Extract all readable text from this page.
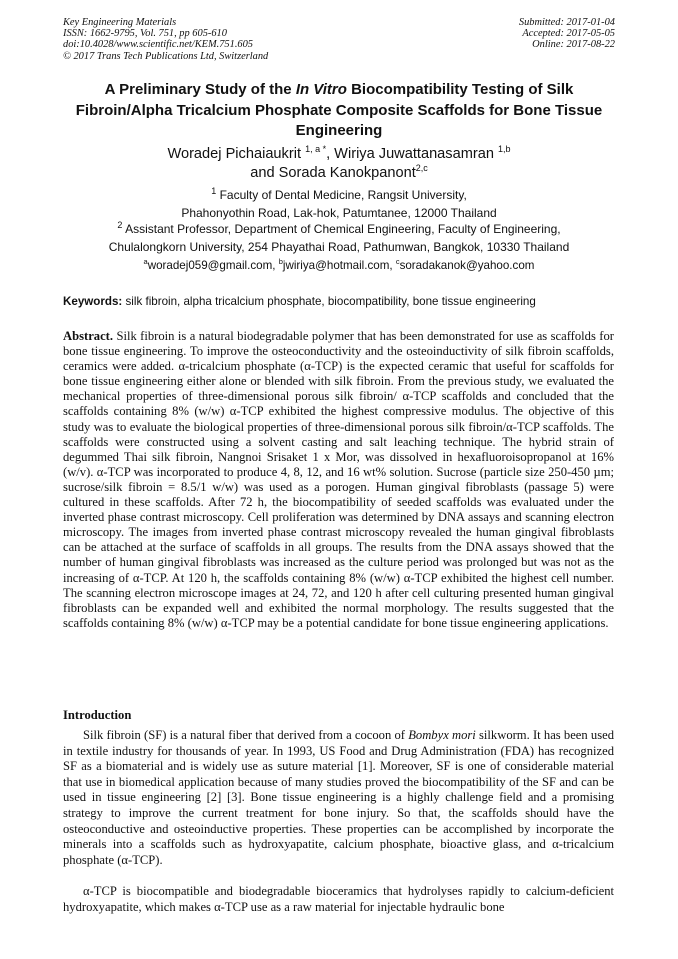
Key Engineering Materials
ISSN: 1662-9795, Vol. 751, pp 605-610
doi:10.4028/www.scientific.net/KEM.751.605
© 2017 Trans Tech Publications Ltd, Switzerland
Submitted: 2017-01-04
Accepted: 2017-05-05
Online: 2017-08-22
A Preliminary Study of the In Vitro Biocompatibility Testing of Silk Fibroin/Alpha Tricalcium Phosphate Composite Scaffolds for Bone Tissue Engineering
Woradej Pichaiaukrit $^{1, a *}$, Wiriya Juwattanasamran $^{1,b}$
and Sorada Kanokpanont$^{2,c}$
$^1$ Faculty of Dental Medicine, Rangsit University,
Phahonyothin Road, Lak-hok, Patumtanee, 12000 Thailand
$^2$ Assistant Professor, Department of Chemical Engineering, Faculty of Engineering,
Chulalongkorn University, 254 Phayathai Road, Pathumwan, Bangkok, 10330 Thailand
$^a$woradej059@gmail.com, $^b$jwiriya@hotmail.com, $^c$soradakanok@yahoo.com
Keywords: silk fibroin, alpha tricalcium phosphate, biocompatibility, bone tissue engineering
Abstract. Silk fibroin is a natural biodegradable polymer that has been demonstrated for use as scaffolds for bone tissue engineering. To improve the osteoconductivity and the osteoinductivity of silk fibroin scaffolds, ceramics were added. α-tricalcium phosphate (α-TCP) is the expected ceramic that useful for scaffolds for bone tissue engineering either alone or blended with silk fibroin. From the previous study, we evaluated the mechanical properties of three-dimensional porous silk fibroin/ α-TCP scaffolds and concluded that the scaffolds containing 8% (w/w) α-TCP exhibited the highest compressive modulus. The objective of this study was to evaluate the biological properties of three-dimensional porous silk fibroin/α-TCP scaffolds. The scaffolds were constructed using a solvent casting and salt leaching technique. The hybrid strain of degummed Thai silk fibroin, Nangnoi Srisaket 1 x Mor, was dissolved in hexafluoroisopropanol at 16% (w/v). α-TCP was incorporated to produce 4, 8, 12, and 16 wt% solution. Sucrose (particle size 250-450 µm; sucrose/silk fibroin = 8.5/1 w/w) was used as a porogen. Human gingival fibroblasts (passage 5) were cultured in these scaffolds. After 72 h, the biocompatibility of seeded scaffolds was evaluated under the inverted phase contrast microscopy. Cell proliferation was determined by DNA assays and scanning electron microscopy. The images from inverted phase contrast microscopy revealed the human gingival fibroblasts can be attached at the surface of scaffolds in all groups. The results from the DNA assays showed that the number of human gingival fibroblasts was increased as the culture period was prolonged but was not as the increasing of α-TCP. At 120 h, the scaffolds containing 8% (w/w) α-TCP exhibited the highest cell number. The scanning electron microscope images at 24, 72, and 120 h after cell culturing presented human gingival fibroblasts can be expanded well and exhibited the normal morphology. The results suggested that the scaffolds containing 8% (w/w) α-TCP may be a potential candidate for bone tissue engineering applications.
Introduction
Silk fibroin (SF) is a natural fiber that derived from a cocoon of Bombyx mori silkworm. It has been used in textile industry for thousands of year. In 1993, US Food and Drug Administration (FDA) has recognized SF as a biomaterial and is widely use as suture material [1]. Moreover, SF is one of considerable material that use in biomedical application because of many studies proved the biocompatibility of the SF and can be used in tissue engineering [2] [3]. Bone tissue engineering is a highly challenge field and a promising strategy to improve the current treatment for bone injury. So that, the scaffolds should have the osteoconductive and osteoinductive properties. These properties can be accomplished by incorporate the minerals into a scaffolds such as hydroxyapatite, calcium phosphate, bioactive glass, and α-tricalcium phosphate (α-TCP).
α-TCP is biocompatible and biodegradable bioceramics that hydrolyses rapidly to calcium-deficient hydroxyapatite, which makes α-TCP use as a raw material for injectable hydraulic bone
